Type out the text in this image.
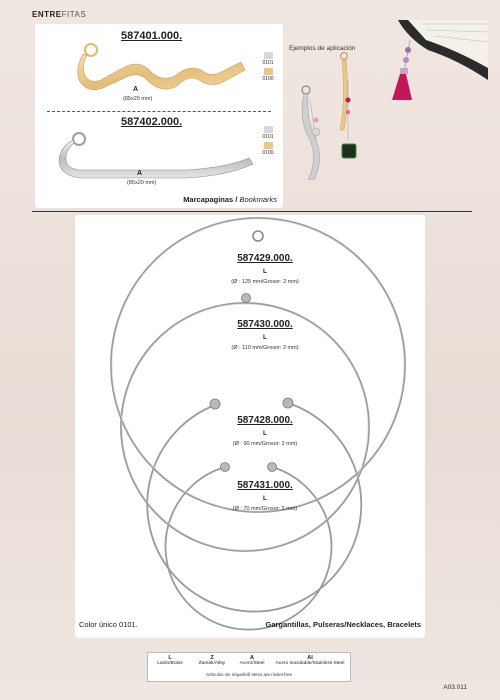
ENTREFITAS
587401.000.
A
(85x20 mm)
0101
0100
587402.000.
A
(85x20 mm)
0101
0100
Marcapaginas / Bookmarks
Ejemplos de aplicación
587429.000.
L
(Ø : 125 mm/Grosor: 2 mm)
587430.000.
L
(Ø : 110 mm/Grosor: 2 mm)
587428.000.
L
(Ø : 90 mm/Grosor: 2 mm)
587431.000.
L
(Ø : 70 mm/Grosor: 2 mm)
Color único 0101.	Gargantillas, Pulseras/Necklaces, Bracelets
L
Latón/Brass
Z
Zamak/Alloy
A
Acero/Steel
AI
Acero Inoxidable/Stainless Steel
Artículos sin níquel/All items are nickel-free
A03.011
